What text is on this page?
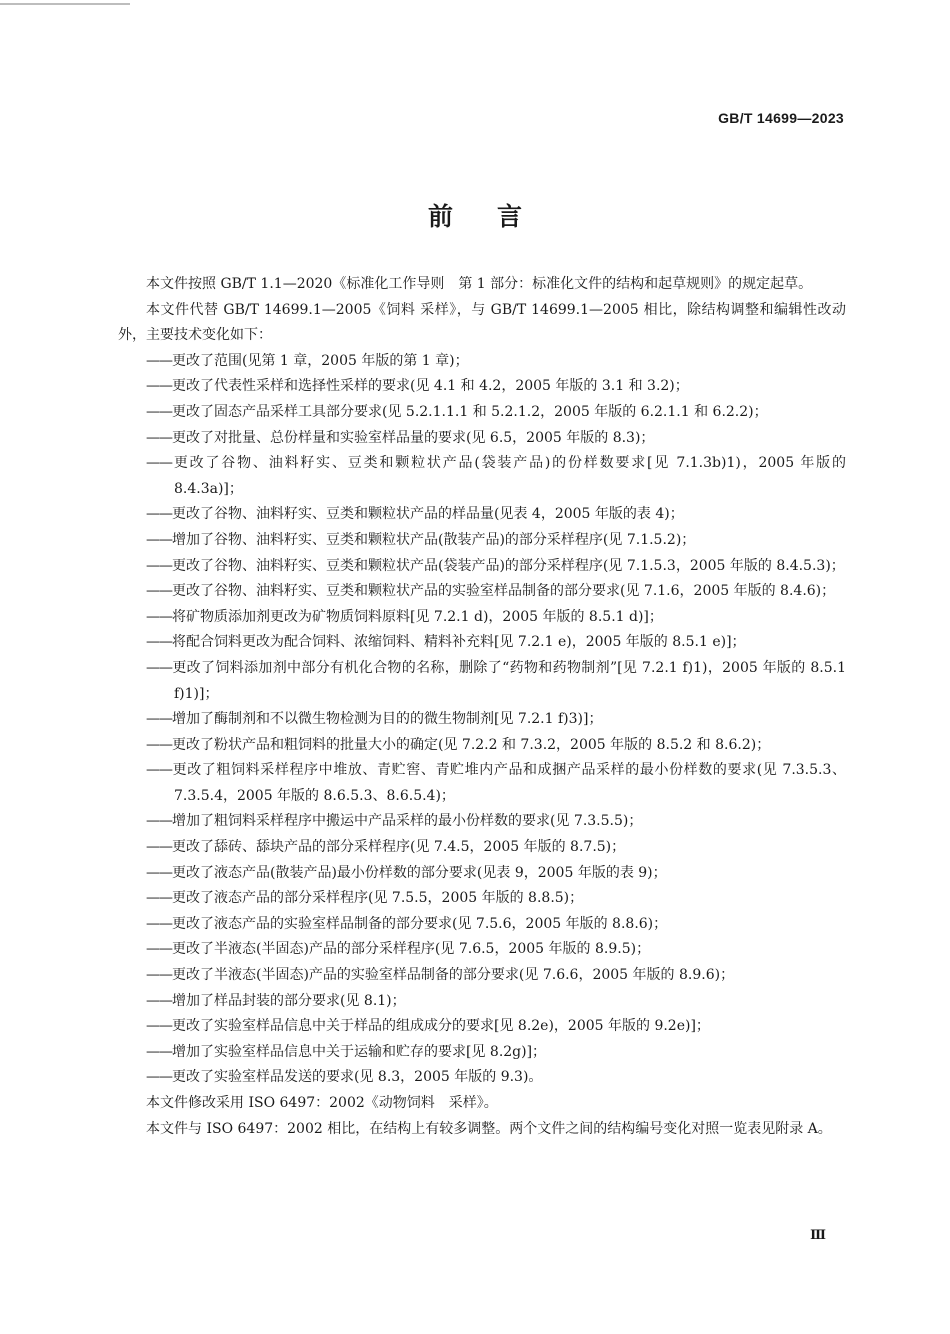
GB/T 14699—2023
前 言

本文件按照 GB/T 1.1—2020《标准化工作导则　第 1 部分：标准化文件的结构和起草规则》的规定起草。

本文件代替 GB/T 14699.1—2005《饲料 采样》，与 GB/T 14699.1—2005 相比，除结构调整和编辑性改动外，主要技术变化如下：

——更改了范围(见第 1 章，2005 年版的第 1 章)；
——更改了代表性采样和选择性采样的要求(见 4.1 和 4.2，2005 年版的 3.1 和 3.2)；
——更改了固态产品采样工具部分要求(见 5.2.1.1.1 和 5.2.1.2，2005 年版的 6.2.1.1 和 6.2.2)；
——更改了对批量、总份样量和实验室样品量的要求(见 6.5，2005 年版的 8.3)；
——更改了谷物、油料籽实、豆类和颗粒状产品(袋装产品)的份样数要求[见 7.1.3b)1)，2005 年版的 8.4.3a)]；
——更改了谷物、油料籽实、豆类和颗粒状产品的样品量(见表 4，2005 年版的表 4)；
——增加了谷物、油料籽实、豆类和颗粒状产品(散装产品)的部分采样程序(见 7.1.5.2)；
——更改了谷物、油料籽实、豆类和颗粒状产品(袋装产品)的部分采样程序(见 7.1.5.3，2005 年版的 8.4.5.3)；
——更改了谷物、油料籽实、豆类和颗粒状产品的实验室样品制备的部分要求(见 7.1.6，2005 年版的 8.4.6)；
——将矿物质添加剂更改为矿物质饲料原料[见 7.2.1 d)，2005 年版的 8.5.1 d)]；
——将配合饲料更改为配合饲料、浓缩饲料、精料补充料[见 7.2.1 e)，2005 年版的 8.5.1 e)]；
——更改了饲料添加剂中部分有机化合物的名称，删除了“药物和药物制剂”[见 7.2.1 f)1)，2005 年版的 8.5.1 f)1)]；
——增加了酶制剂和不以微生物检测为目的的微生物制剂[见 7.2.1 f)3)]；
——更改了粉状产品和粗饲料的批量大小的确定(见 7.2.2 和 7.3.2，2005 年版的 8.5.2 和 8.6.2)；
——更改了粗饲料采样程序中堆放、青贮窖、青贮堆内产品和成捆产品采样的最小份样数的要求(见 7.3.5.3、7.3.5.4，2005 年版的 8.6.5.3、8.6.5.4)；
——增加了粗饲料采样程序中搬运中产品采样的最小份样数的要求(见 7.3.5.5)；
——更改了舔砖、舔块产品的部分采样程序(见 7.4.5，2005 年版的 8.7.5)；
——更改了液态产品(散装产品)最小份样数的部分要求(见表 9，2005 年版的表 9)；
——更改了液态产品的部分采样程序(见 7.5.5，2005 年版的 8.8.5)；
——更改了液态产品的实验室样品制备的部分要求(见 7.5.6，2005 年版的 8.8.6)；
——更改了半液态(半固态)产品的部分采样程序(见 7.6.5，2005 年版的 8.9.5)；
——更改了半液态(半固态)产品的实验室样品制备的部分要求(见 7.6.6，2005 年版的 8.9.6)；
——增加了样品封装的部分要求(见 8.1)；
——更改了实验室样品信息中关于样品的组成成分的要求[见 8.2e)，2005 年版的 9.2e)]；
——增加了实验室样品信息中关于运输和贮存的要求[见 8.2g)]；
——更改了实验室样品发送的要求(见 8.3，2005 年版的 9.3)。

本文件修改采用 ISO 6497：2002《动物饲料　采样》。

本文件与 ISO 6497：2002 相比，在结构上有较多调整。两个文件之间的结构编号变化对照一览表见附录 A。

Ⅲ
